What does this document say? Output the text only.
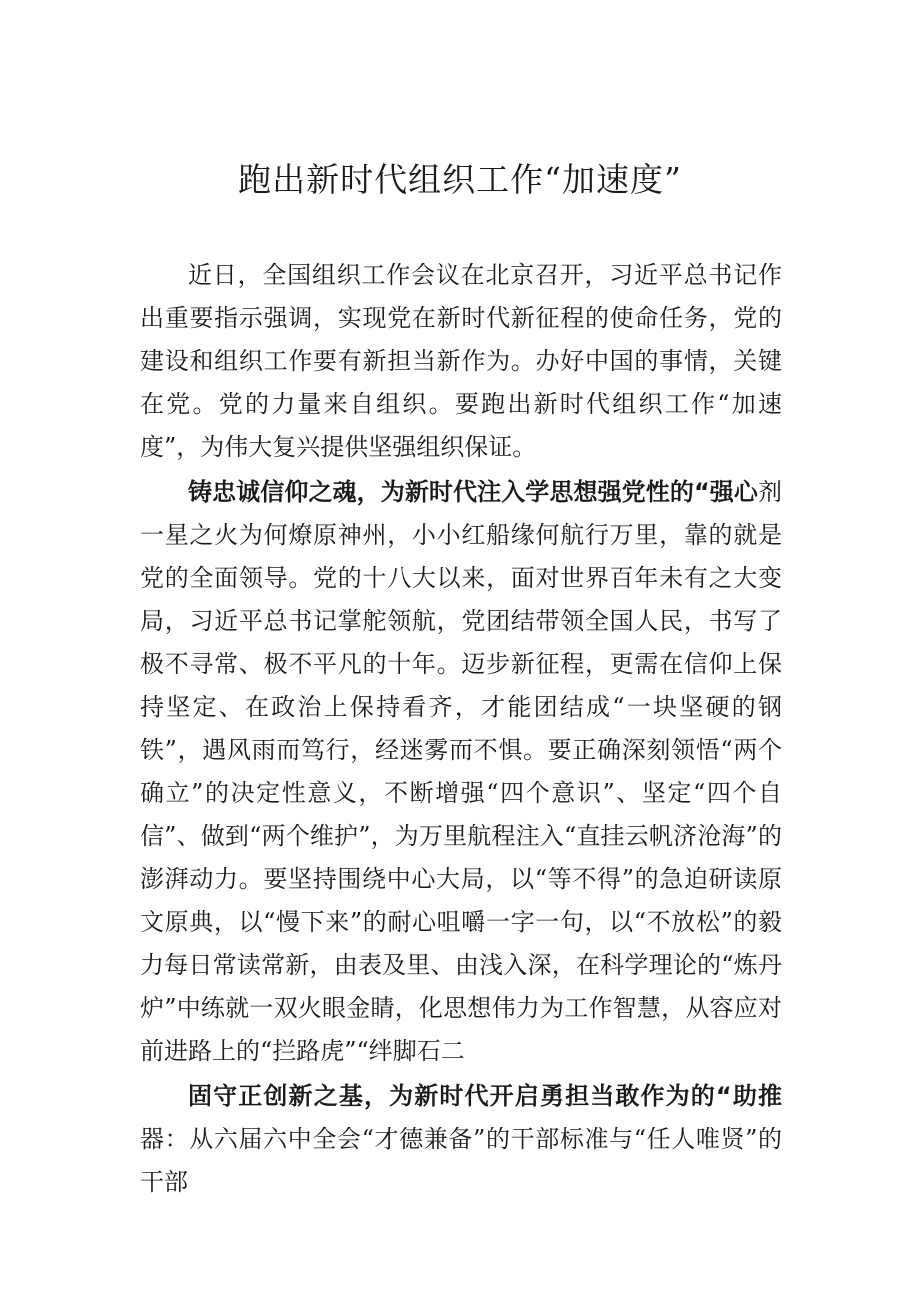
跑出新时代组织工作“加速度”

近日，全国组织工作会议在北京召开，习近平总书记作出重要指示强调，实现党在新时代新征程的使命任务，党的建设和组织工作要有新担当新作为。办好中国的事情，关键在党。党的力量来自组织。要跑出新时代组织工作“加速度”，为伟大复兴提供坚强组织保证。

铸忠诚信仰之魂，为新时代注入学思想强党性的“强心剂一星之火为何燎原神州，小小红船缘何航行万里，靠的就是党的全面领导。党的十八大以来，面对世界百年未有之大变局，习近平总书记掌舵领航，党团结带领全国人民，书写了极不寻常、极不平凡的十年。迈步新征程，更需在信仰上保持坚定、在政治上保持看齐，才能团结成“一块坚硬的钢铁”，遇风雨而笃行，经迷雾而不惧。要正确深刻领悟“两个确立”的决定性意义，不断增强“四个意识”、坚定“四个自信”、做到“两个维护”，为万里航程注入“直挂云帆济沧海”的澎湃动力。要坚持围绕中心大局，以“等不得”的急迫研读原文原典，以“慢下来”的耐心咀嚼一字一句，以“不放松”的毅力每日常读常新，由表及里、由浅入深，在科学理论的“炼丹炉”中练就一双火眼金睛，化思想伟力为工作智慧，从容应对前进路上的“拦路虎”“绊脚石二

固守正创新之基，为新时代开启勇担当敢作为的“助推器：从六届六中全会“才德兼备”的干部标准与“任人唯贤”的干部
